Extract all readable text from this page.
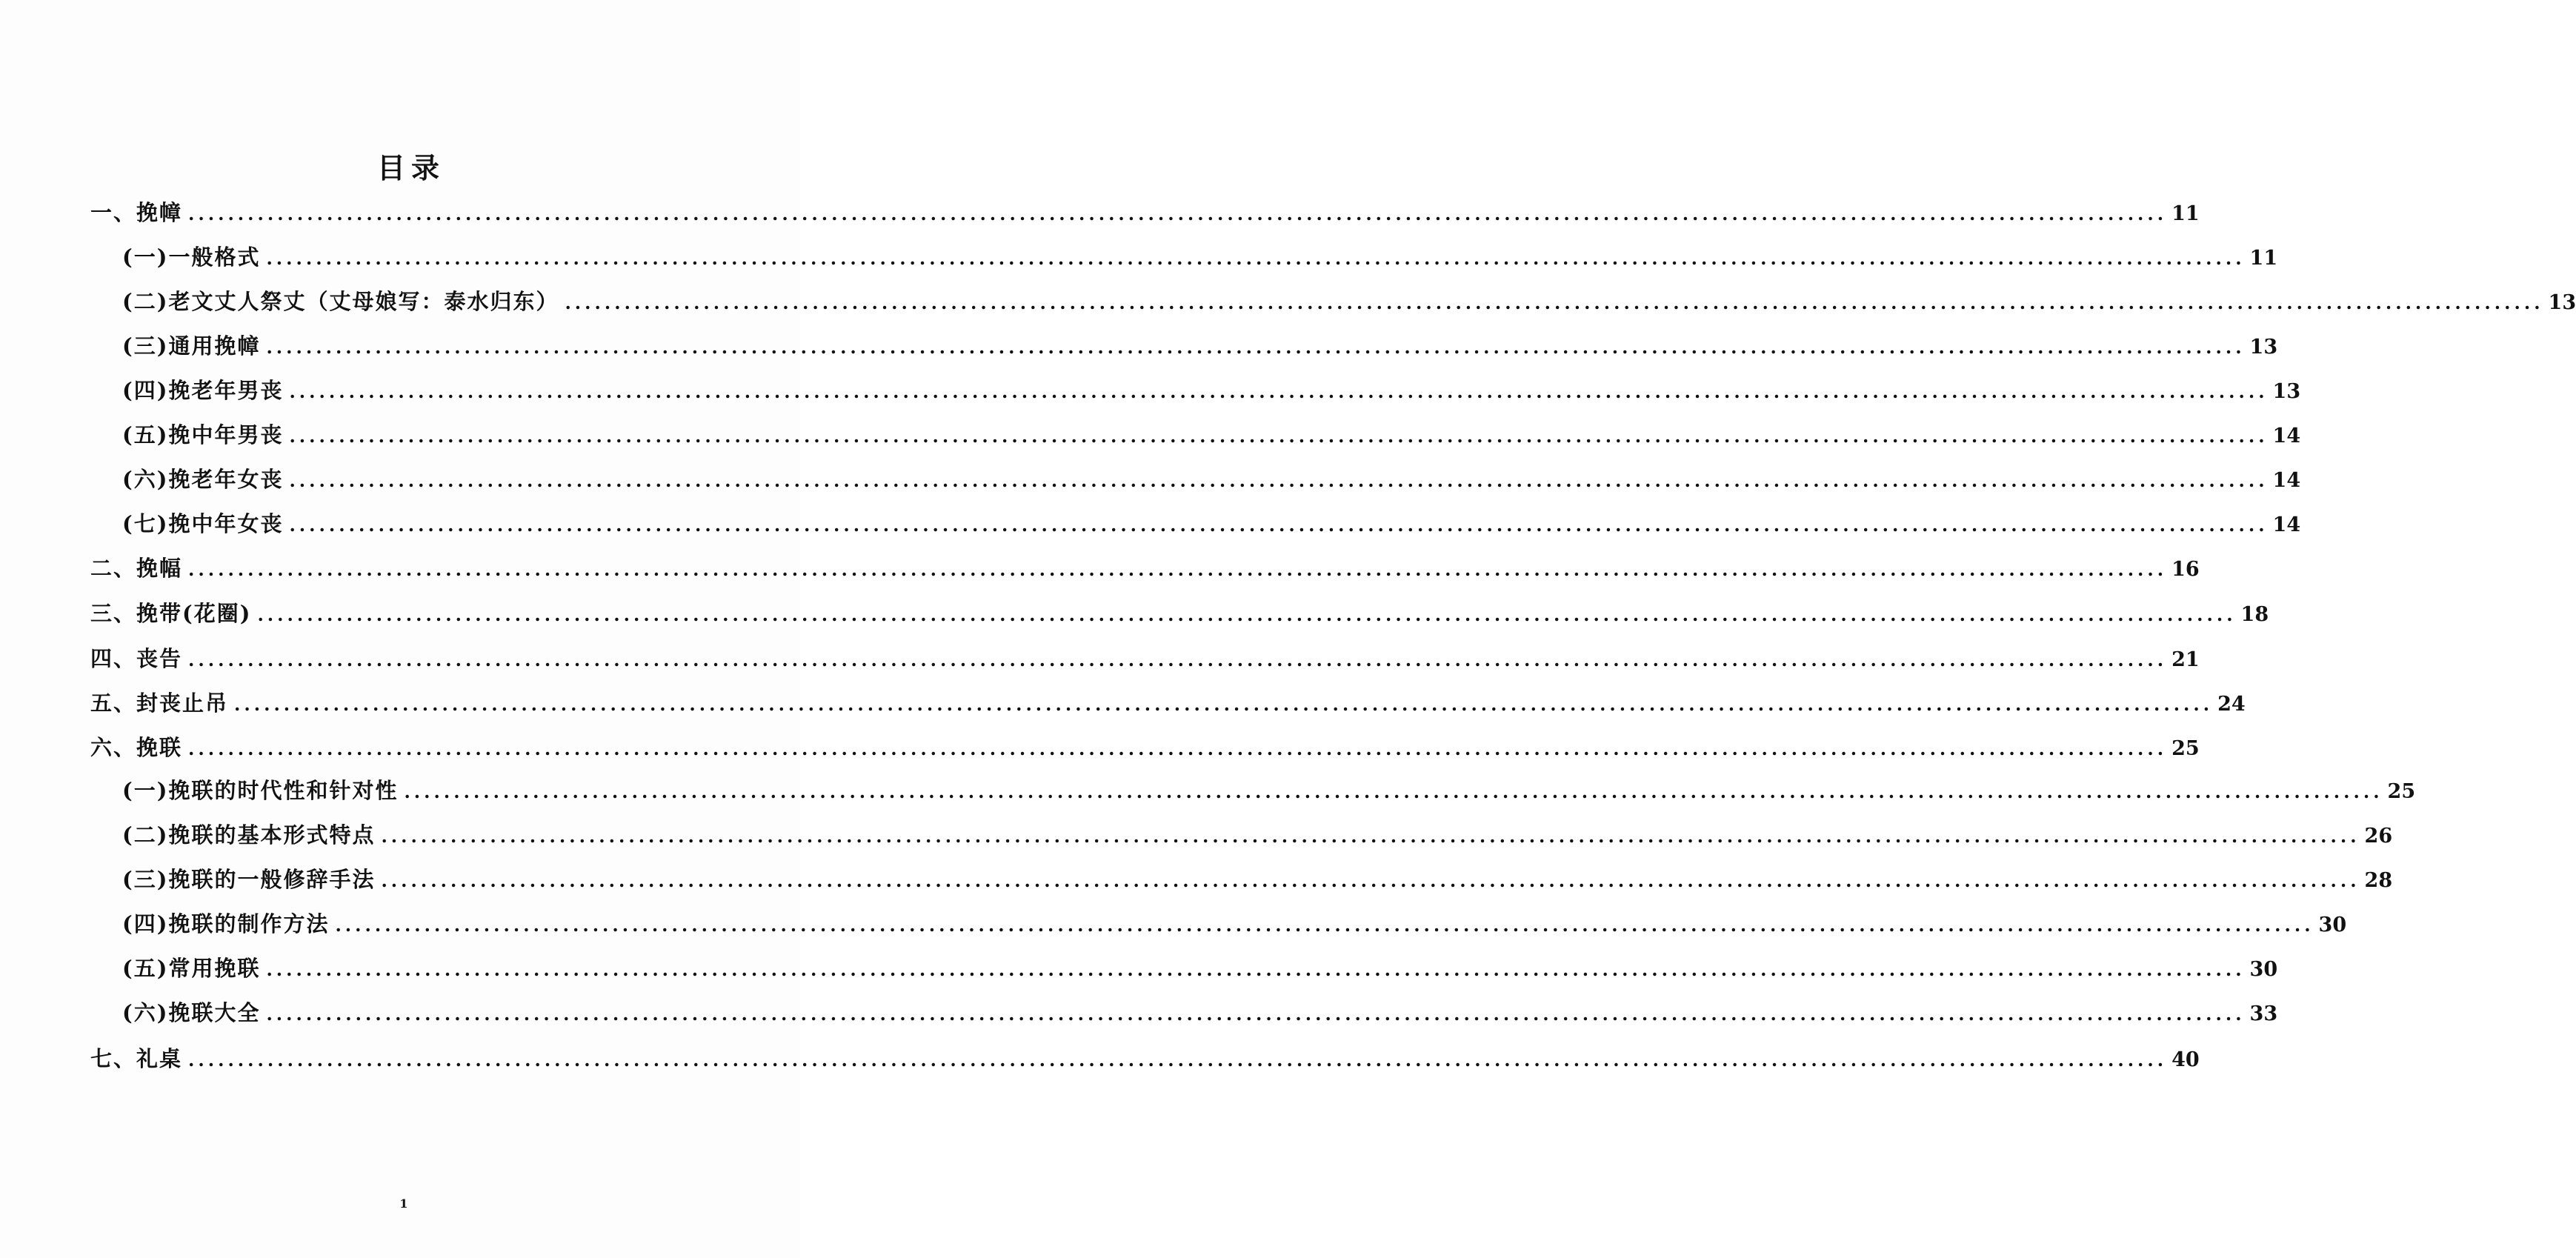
目录
一、挽幛 ........................................................................................................................................................................................................ 11
(一)一般格式 ........................................................................................................................................................................................................ 11
(二)老文丈人祭丈（丈母娘写：泰水归东） ........................................................................................................................................................................................................ 13
(三)通用挽幛 ........................................................................................................................................................................................................ 13
(四)挽老年男丧 ........................................................................................................................................................................................................ 13
(五)挽中年男丧 ........................................................................................................................................................................................................ 14
(六)挽老年女丧 ........................................................................................................................................................................................................ 14
(七)挽中年女丧 ........................................................................................................................................................................................................ 14
二、挽幅 ........................................................................................................................................................................................................ 16
三、挽带(花圈) ........................................................................................................................................................................................................ 18
四、丧告 ........................................................................................................................................................................................................ 21
五、封丧止吊 ........................................................................................................................................................................................................ 24
六、挽联 ........................................................................................................................................................................................................ 25
(一)挽联的时代性和针对性 ........................................................................................................................................................................................................ 25
(二)挽联的基本形式特点 ........................................................................................................................................................................................................ 26
(三)挽联的一般修辞手法 ........................................................................................................................................................................................................ 28
(四)挽联的制作方法 ........................................................................................................................................................................................................ 30
(五)常用挽联 ........................................................................................................................................................................................................ 30
(六)挽联大全 ........................................................................................................................................................................................................ 33
七、礼桌 ........................................................................................................................................................................................................ 40
1
